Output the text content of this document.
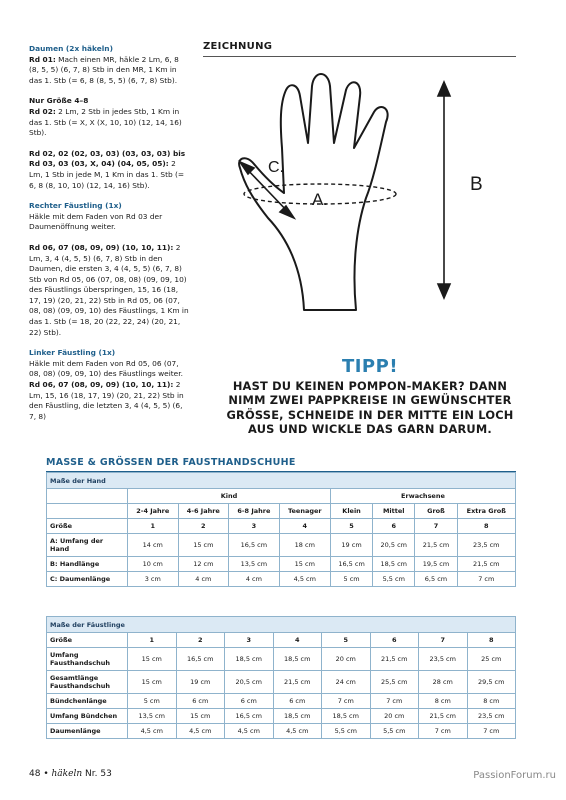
Daumen (2x häkeln)
Rd 01: Mach einen MR, häkle 2 Lm, 6, 8 (8, 5, 5) (6, 7, 8) Stb in den MR, 1 Km in das 1. Stb (= 6, 8 (8, 5, 5) (6, 7, 8) Stb).

Nur Größe 4–8
Rd 02: 2 Lm, 2 Stb in jedes Stb, 1 Km in das 1. Stb (= X, X (X, 10, 10) (12, 14, 16) Stb).

Rd 02, 02 (02, 03, 03) (03, 03, 03) bis Rd 03, 03 (03, X, 04) (04, 05, 05): 2 Lm, 1 Stb in jede M, 1 Km in das 1. Stb (= 6, 8 (8, 10, 10) (12, 14, 16) Stb).

Rechter Fäustling (1x)
Häkle mit dem Faden von Rd 03 der Daumenöffnung weiter.

Rd 06, 07 (08, 09, 09) (10, 10, 11): 2 Lm, 3, 4 (4, 5, 5) (6, 7, 8) Stb in den Daumen, die ersten 3, 4 (4, 5, 5) (6, 7, 8) Stb von Rd 05, 06 (07, 08, 08) (09, 09, 10) des Fäustlings überspringen, 15, 16 (18, 17, 19) (20, 21, 22) Stb in Rd 05, 06 (07, 08, 08) (09, 09, 10) des Fäustlings, 1 Km in das 1. Stb (= 18, 20 (22, 22, 24) (20, 21, 22) Stb).

Linker Fäustling (1x)
Häkle mit dem Faden von Rd 05, 06 (07, 08, 08) (09, 09, 10) des Fäustlings weiter.
Rd 06, 07 (08, 09, 09) (10, 10, 11): 2 Lm, 15, 16 (18, 17, 19) (20, 21, 22) Stb in den Fäustling, die letzten 3, 4 (4, 5, 5) (6, 7, 8)

ZEICHNUNG
A.
B
C.
TIPP!
HAST DU KEINEN POMPON-MAKER? DANN
NIMM ZWEI PAPPKREISE IN GEWÜNSCHTER
GRÖSSE, SCHNEIDE IN DER MITTE EIN LOCH
AUS UND WICKLE DAS GARN DARUM.
MASSE & GRÖSSEN DER FAUSTHANDSCHUHE
Maße der Hand								
	Kind				Erwachsene			
	2-4 Jahre	4-6 Jahre	6-8 Jahre	Teenager	Klein	Mittel	Groß	Extra Groß
Größe	1	2	3	4	5	6	7	8
A: Umfang der Hand	14 cm	15 cm	16,5 cm	18 cm	19 cm	20,5 cm	21,5 cm	23,5 cm
B: Handlänge	10 cm	12 cm	13,5 cm	15 cm	16,5 cm	18,5 cm	19,5 cm	21,5 cm
C: Daumenlänge	3 cm	4 cm	4 cm	4,5 cm	5 cm	5,5 cm	6,5 cm	7 cm
Maße der Fäustlinge								
Größe	1	2	3	4	5	6	7	8
Umfang Fausthandschuh	15 cm	16,5 cm	18,5 cm	18,5 cm	20 cm	21,5 cm	23,5 cm	25 cm
Gesamtlänge Fausthandschuh	15 cm	19 cm	20,5 cm	21,5 cm	24 cm	25,5 cm	28 cm	29,5 cm
Bündchenlänge	5 cm	6 cm	6 cm	6 cm	7 cm	7 cm	8 cm	8 cm
Umfang Bündchen	13,5 cm	15 cm	16,5 cm	18,5 cm	18,5 cm	20 cm	21,5 cm	23,5 cm
Daumenlänge	4,5 cm	4,5 cm	4,5 cm	4,5 cm	5,5 cm	5,5 cm	7 cm	7 cm
48 • häkeln Nr. 53	PassionForum.ru
